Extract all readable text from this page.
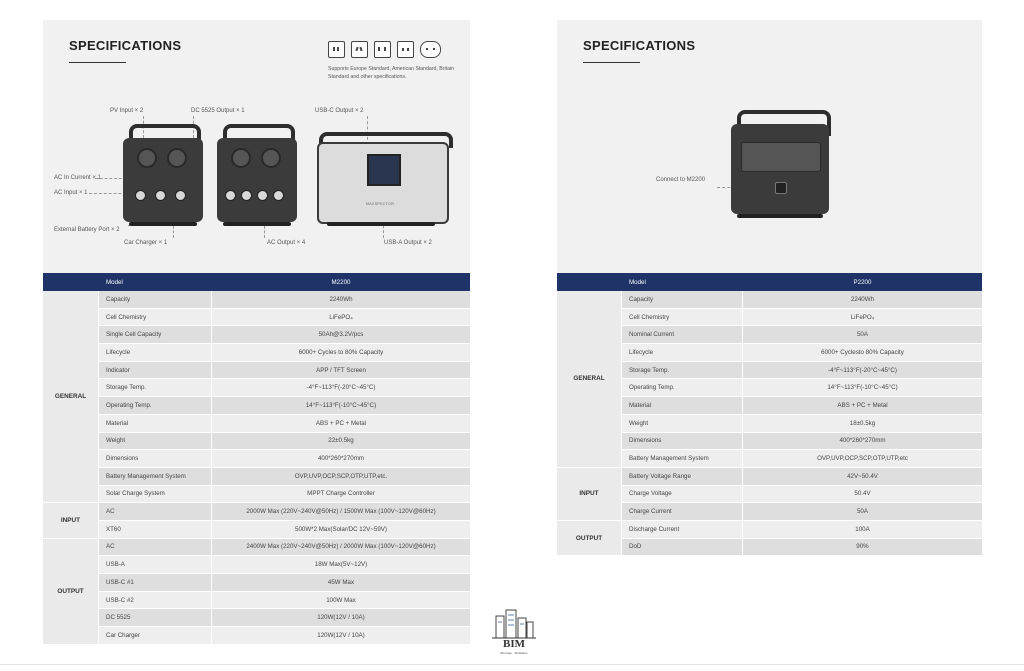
SPECIFICATIONS
Supports Europe Standard, American Standard, Britain Standard and other specifications.
PV Input × 2	DC 5525 Output × 1	USB-C Output × 2
AC In Current × 1
AC Input × 1
External Battery Port × 2
Car Charger × 1	AC Output × 4	USB-A Output × 2
MAXSPECTOR
	Model	M2200
GENERAL	Capacity	2240Wh
	Cell Chemistry	LiFePO₄
	Single Cell Capacity	50Ah@3.2V/pcs
	Lifecycle	6000+ Cycles to 80% Capacity
	Indicator	APP / TFT Screen
	Storage Temp.	-4°F~113°F(-20°C~45°C)
	Operating Temp.	14°F~113°F(-10°C~45°C)
	Material	ABS + PC + Metal
	Weight	22±0.5kg
	Dimensions	400*260*270mm
	Battery Management System	OVP,UVP,OCP,SCP,OTP,UTP,etc.
	Solar Charge System	MPPT Charge Controller
INPUT	AC	2000W Max (220V~240V@50Hz) / 1500W Max (100V~120V@60Hz)
	XT60	500W*2 Max(Solar/DC 12V~59V)
OUTPUT	AC	2400W Max (220V~240V@50Hz) / 2000W Max (100V~120V@60Hz)
	USB-A	18W Max(5V~12V)
	USB-C #1	45W Max
	USB-C #2	100W Max
	DC 5525	120W(12V / 10A)
	Car Charger	120W(12V / 10A)
SPECIFICATIONS
Connect to M2200
	Model	P2200
GENERAL	Capacity	2240Wh
	Cell Chemistry	LiFePO₄
	Nominal Current	50A
	Lifecycle	6000+ Cyclesto 80% Capacity
	Storage Temp.	-4°F~113°F(-20°C~45°C)
	Operating Temp.	14°F~113°F(-10°C~45°C)
	Material	ABS + PC + Metal
	Weight	18±0.5kg
	Dimensions	400*260*270mm
	Battery Management System	OVP,UVP,OCP,SCP,OTP,UTP,etc
INPUT	Battery Voltage Range	42V~50.4V
	Charge Voltage	50.4V
	Charge Current	50A
OUTPUT	Discharge Current	100A
	DoD	90%
BIM
Bricolaje · Mobiliario
